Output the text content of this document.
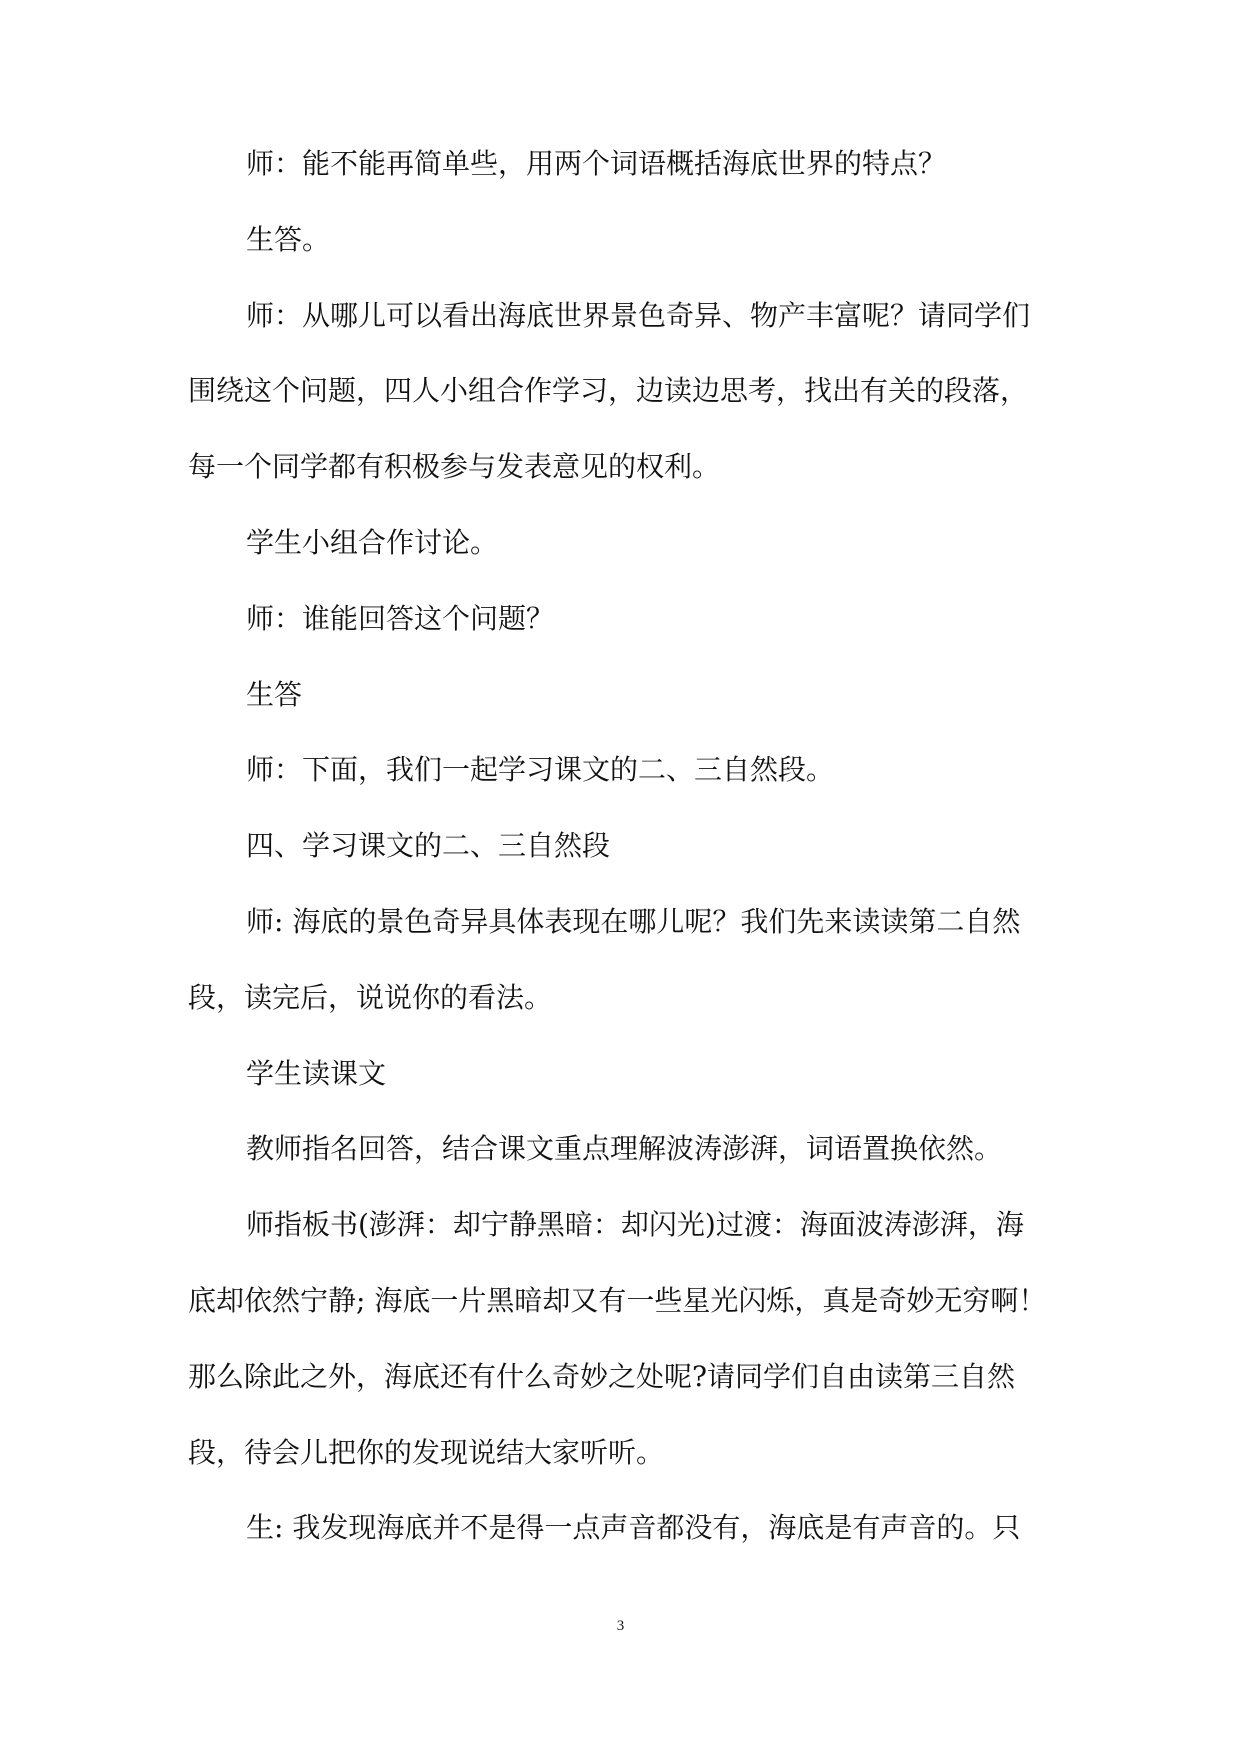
师：能不能再简单些，用两个词语概括海底世界的特点？
生答。
师：从哪儿可以看出海底世界景色奇异、物产丰富呢？请同学们
围绕这个问题，四人小组合作学习，边读边思考，找出有关的段落，
每一个同学都有积极参与发表意见的权利。
学生小组合作讨论。
师：谁能回答这个问题？
生答
师：下面，我们一起学习课文的二、三自然段。
四、学习课文的二、三自然段
师: 海底的景色奇异具体表现在哪儿呢？我们先来读读第二自然
段，读完后，说说你的看法。
学生读课文
教师指名回答，结合课文重点理解波涛澎湃，词语置换依然。
师指板书(澎湃：却宁静黑暗：却闪光)过渡：海面波涛澎湃，海
底却依然宁静; 海底一片黑暗却又有一些星光闪烁，真是奇妙无穷啊！
那么除此之外，海底还有什么奇妙之处呢?请同学们自由读第三自然
段，待会儿把你的发现说结大家听听。
生: 我发现海底并不是得一点声音都没有，海底是有声音的。只
3
